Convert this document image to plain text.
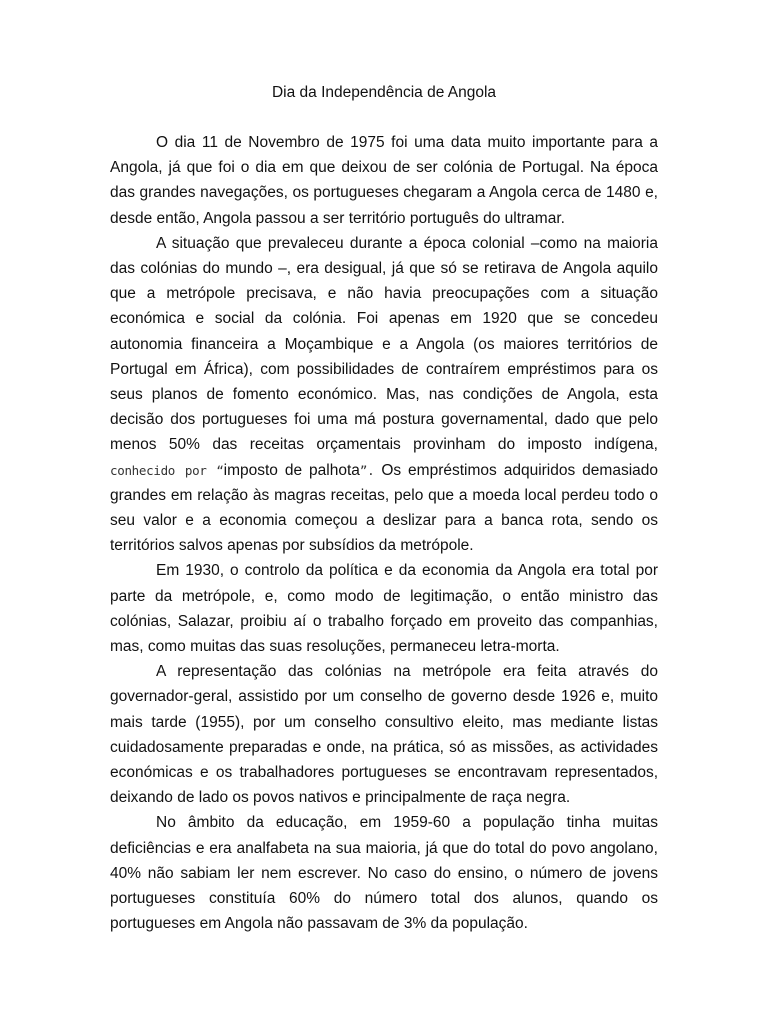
Dia da Independência de Angola

O dia 11 de Novembro de 1975 foi uma data muito importante para a Angola, já que foi o dia em que deixou de ser colónia de Portugal. Na época das grandes navegações, os portugueses chegaram a Angola cerca de 1480 e, desde então, Angola passou a ser território português do ultramar.

A situação que prevaleceu durante a época colonial –como na maioria das colónias do mundo –, era desigual, já que só se retirava de Angola aquilo que a metrópole precisava, e não havia preocupações com a situação económica e social da colónia. Foi apenas em 1920 que se concedeu autonomia financeira a Moçambique e a Angola (os maiores territórios de Portugal em África), com possibilidades de contraírem empréstimos para os seus planos de fomento económico. Mas, nas condições de Angola, esta decisão dos portugueses foi uma má postura governamental, dado que pelo menos 50% das receitas orçamentais provinham do imposto indígena, conhecido por “imposto de palhota”. Os empréstimos adquiridos demasiado grandes em relação às magras receitas, pelo que a moeda local perdeu todo o seu valor e a economia começou a deslizar para a banca rota, sendo os territórios salvos apenas por subsídios da metrópole.

Em 1930, o controlo da política e da economia da Angola era total por parte da metrópole, e, como modo de legitimação, o então ministro das colónias, Salazar, proibiu aí o trabalho forçado em proveito das companhias, mas, como muitas das suas resoluções, permaneceu letra-morta.

A representação das colónias na metrópole era feita através do governador-geral, assistido por um conselho de governo desde 1926 e, muito mais tarde (1955), por um conselho consultivo eleito, mas mediante listas cuidadosamente preparadas e onde, na prática, só as missões, as actividades económicas e os trabalhadores portugueses se encontravam representados, deixando de lado os povos nativos e principalmente de raça negra.

No âmbito da educação, em 1959-60 a população tinha muitas deficiências e era analfabeta na sua maioria, já que do total do povo angolano, 40% não sabiam ler nem escrever. No caso do ensino, o número de jovens portugueses constituía 60% do número total dos alunos, quando os portugueses em Angola não passavam de 3% da população.
